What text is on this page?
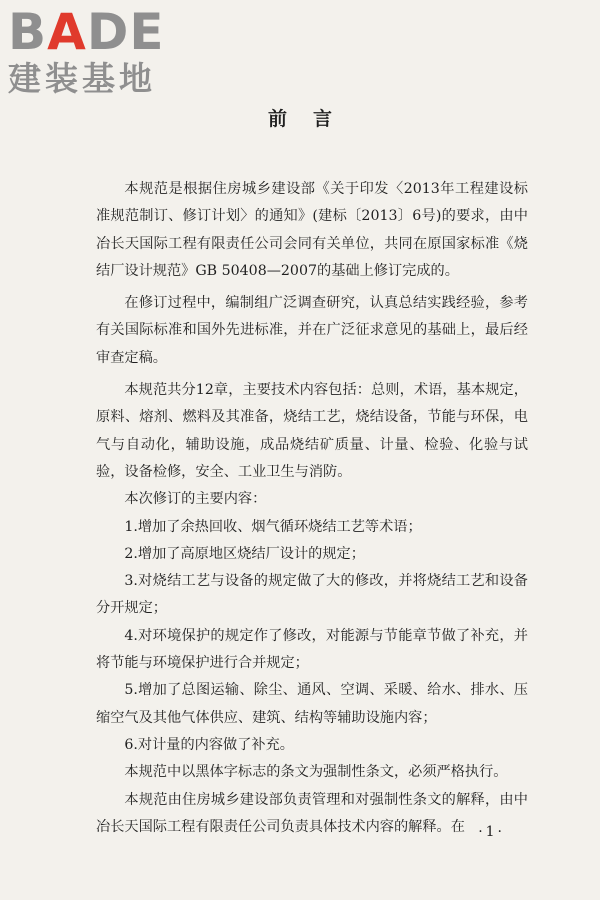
BADE
建装基地
前言

本规范是根据住房城乡建设部《关于印发〈2013年工程建设标准规范制订、修订计划〉的通知》(建标〔2013〕6号)的要求，由中冶长天国际工程有限责任公司会同有关单位，共同在原国家标准《烧结厂设计规范》GB 50408—2007的基础上修订完成的。

在修订过程中，编制组广泛调查研究，认真总结实践经验，参考有关国际标准和国外先进标准，并在广泛征求意见的基础上，最后经审查定稿。

本规范共分12章，主要技术内容包括：总则，术语，基本规定，原料、熔剂、燃料及其准备，烧结工艺，烧结设备，节能与环保，电气与自动化，辅助设施，成品烧结矿质量、计量、检验、化验与试验，设备检修，安全、工业卫生与消防。

本次修订的主要内容：

1.增加了余热回收、烟气循环烧结工艺等术语；

2.增加了高原地区烧结厂设计的规定；

3.对烧结工艺与设备的规定做了大的修改，并将烧结工艺和设备分开规定；

4.对环境保护的规定作了修改，对能源与节能章节做了补充，并将节能与环境保护进行合并规定；

5.增加了总图运输、除尘、通风、空调、采暖、给水、排水、压缩空气及其他气体供应、建筑、结构等辅助设施内容；

6.对计量的内容做了补充。

本规范中以黑体字标志的条文为强制性条文，必须严格执行。

本规范由住房城乡建设部负责管理和对强制性条文的解释，由中冶长天国际工程有限责任公司负责具体技术内容的解释。在 ·1·
